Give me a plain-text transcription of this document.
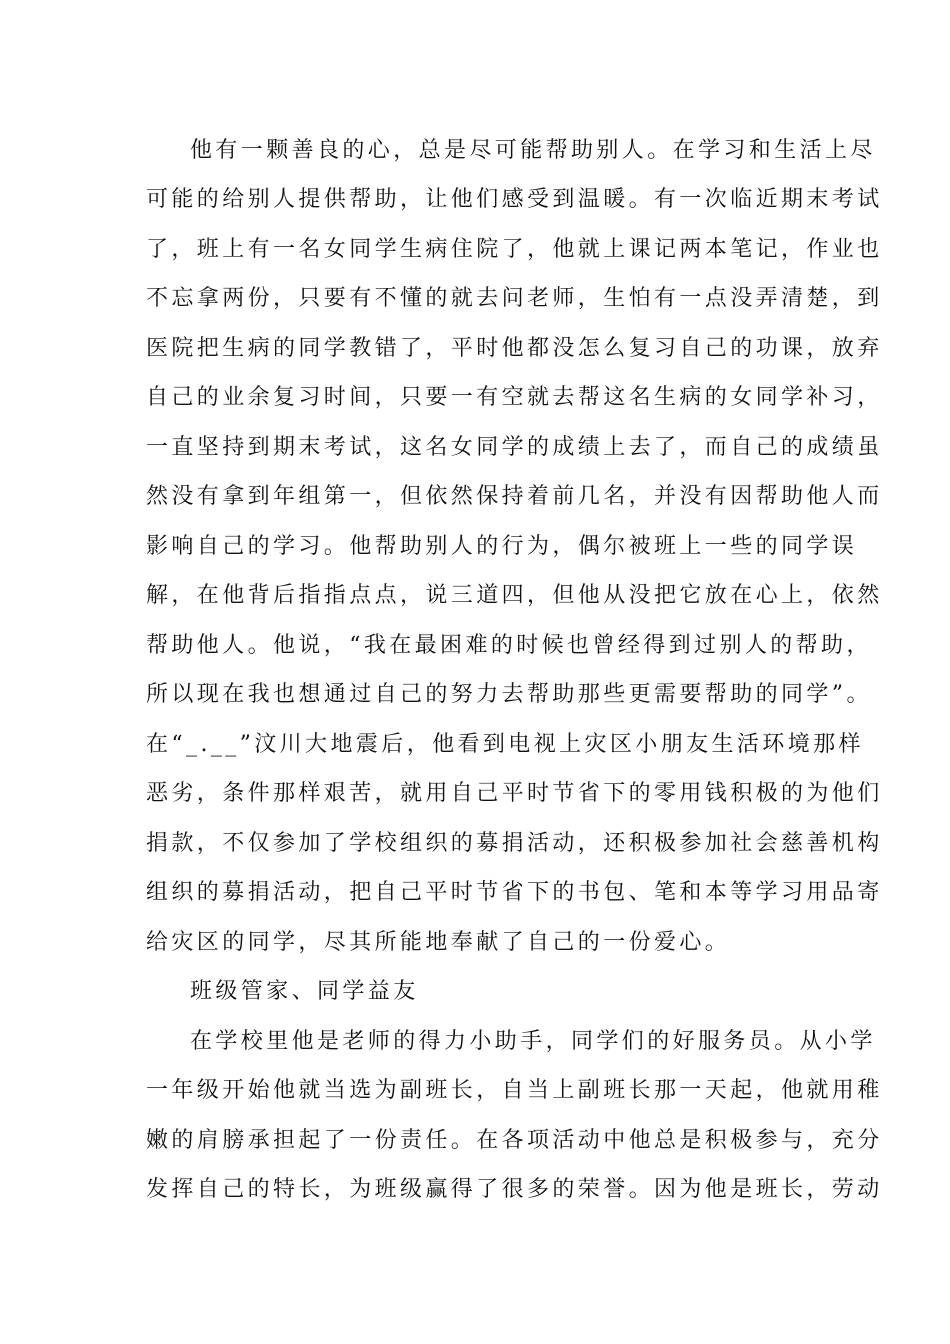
他有一颗善良的心，总是尽可能帮助别人。在学习和生活上尽
可能的给别人提供帮助，让他们感受到温暖。有一次临近期末考试
了，班上有一名女同学生病住院了，他就上课记两本笔记，作业也
不忘拿两份，只要有不懂的就去问老师，生怕有一点没弄清楚，到
医院把生病的同学教错了，平时他都没怎么复习自己的功课，放弃
自己的业余复习时间，只要一有空就去帮这名生病的女同学补习，
一直坚持到期末考试，这名女同学的成绩上去了，而自己的成绩虽
然没有拿到年组第一，但依然保持着前几名，并没有因帮助他人而
影响自己的学习。他帮助别人的行为，偶尔被班上一些的同学误
解，在他背后指指点点，说三道四，但他从没把它放在心上，依然
帮助他人。他说，“我在最困难的时候也曾经得到过别人的帮助，
所以现在我也想通过自己的努力去帮助那些更需要帮助的同学”。
在“_.__”汶川大地震后，他看到电视上灾区小朋友生活环境那样
恶劣，条件那样艰苦，就用自己平时节省下的零用钱积极的为他们
捐款，不仅参加了学校组织的募捐活动，还积极参加社会慈善机构
组织的募捐活动，把自己平时节省下的书包、笔和本等学习用品寄
给灾区的同学，尽其所能地奉献了自己的一份爱心。
班级管家、同学益友
在学校里他是老师的得力小助手，同学们的好服务员。从小学
一年级开始他就当选为副班长，自当上副班长那一天起，他就用稚
嫩的肩膀承担起了一份责任。在各项活动中他总是积极参与，充分
发挥自己的特长，为班级赢得了很多的荣誉。因为他是班长，劳动
